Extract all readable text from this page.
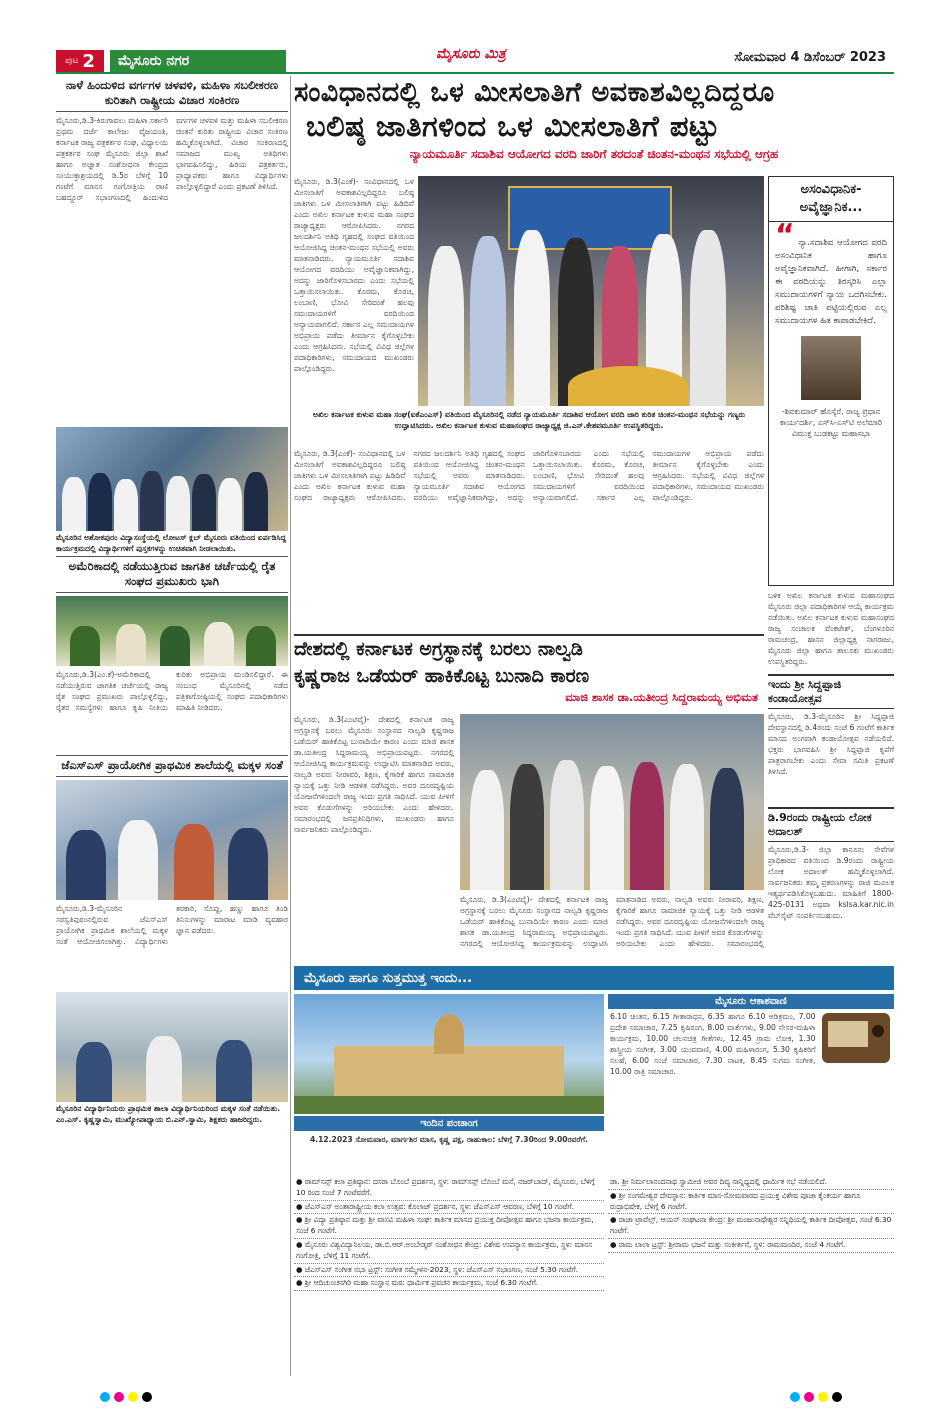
ಪುಟ 2	ಮೈಸೂರು ನಗರ	ಮೈಸೂರು ಮಿತ್ರ	ಸೋಮವಾರ 4 ಡಿಸೆಂಬರ್ 2023
ನಾಳೆ ಹಿಂದುಳಿದ ವರ್ಗಗಳ ಚಳವಳಿ, ಮಹಿಳಾ ಸಬಲೀಕರಣ ಕುರಿತಾಗಿ ರಾಷ್ಟ್ರೀಯ ವಿಚಾರ ಸಂಕಿರಣ
ಮೈಸೂರು,ಡಿ.3-ಕಿರುಗಾವಲು ಮಹಿಳಾ ಸರ್ಕಾರಿ ಪ್ರಥಮ ದರ್ಜೆ ಕಾಲೇಜು ವೈಜಯಂತಿ, ಕರ್ನಾಟಕ ರಾಜ್ಯ ಪತ್ರಕರ್ತರ ಸಂಘ, ವಿಧ್ಯಾಲಯ ಪತ್ರಕರ್ತರ ಸಂಘ ಮೈಸೂರು ಜಿಲ್ಲಾ ಶಾಖೆ ಹಾಗೂ ಅಜ್ಞಾತ ಸಂಶೋಧನಾ ಕೇಂದ್ರದ ಸಂಯುಕ್ತಾಶ್ರಯದಲ್ಲಿ ಡಿ.5ರ ಬೆಳಿಗ್ಗೆ 10 ಗಂಟೆಗೆ ಮಾನಸ ಗಂಗೋತ್ರಿಯ ರಾಣಿ ಬಹದ್ದೂರ್ ಸಭಾಂಗಣದಲ್ಲಿ ಹಿಂದುಳಿದ ವರ್ಗಗಳ ಚಳವಳಿ ಮತ್ತು ಮಹಿಳಾ ಸಬಲೀಕರಣ ಚಿಂತನೆ ಕುರಿತು ರಾಷ್ಟ್ರೀಯ ವಿಚಾರ ಸಂಕಿರಣ ಹಮ್ಮಿಕೊಳ್ಳಲಾಗಿದೆ. ವಿಚಾರ ಸಂಕಿರಣದಲ್ಲಿ ಸಮಾಜದ ಮುಖ್ಯ ಅತಿಥಿಗಳು ಭಾಗವಹಿಸಲಿದ್ದು, ಹಿರಿಯ ಪತ್ರಕರ್ತರು, ಪ್ರಾಧ್ಯಾಪಕರು ಹಾಗೂ ವಿದ್ಯಾರ್ಥಿಗಳು ಪಾಲ್ಗೊಳ್ಳಲಿದ್ದಾರೆ ಎಂದು ಪ್ರಕಟಣೆ ತಿಳಿಸಿದೆ.
ಮೈಸೂರಿನ ಅಶೋಕಪುರಂ ವಿದ್ಯಾಸಂಸ್ಥೆಯಲ್ಲಿ ಲೋಟಸ್ ಕ್ಲಬ್ ಮೈಸೂರು ವತಿಯಿಂದ ಏರ್ಪಡಿಸಿದ್ದ ಕಾರ್ಯಕ್ರಮದಲ್ಲಿ ವಿದ್ಯಾರ್ಥಿಗಳಿಗೆ ಪುಸ್ತಕಗಳನ್ನು ಉಚಿತವಾಗಿ ನೀಡಲಾಯಿತು.
ಅಮೆರಿಕಾದಲ್ಲಿ ನಡೆಯುತ್ತಿರುವ ಜಾಗತಿಕ ಚರ್ಚೆಯಲ್ಲಿ ರೈತ ಸಂಘದ ಪ್ರಮುಖರು ಭಾಗಿ
ಮೈಸೂರು,ಡಿ.3(ಎಂ.ಕೆ)-ಅಮೆರಿಕಾದಲ್ಲಿ ನಡೆಯುತ್ತಿರುವ ಜಾಗತಿಕ ಚರ್ಚೆಯಲ್ಲಿ ರಾಜ್ಯ ರೈತ ಸಂಘದ ಪ್ರಮುಖರು ಪಾಲ್ಗೊಳ್ಳಲಿದ್ದು, ರೈತರ ಸಮಸ್ಯೆಗಳು ಹಾಗೂ ಕೃಷಿ ನೀತಿಯ ಕುರಿತು ಅಭಿಪ್ರಾಯ ಮಂಡಿಸಲಿದ್ದಾರೆ. ಈ ಸಂಬಂಧ ಮೈಸೂರಿನಲ್ಲಿ ನಡೆದ ಪತ್ರಿಕಾಗೋಷ್ಠಿಯಲ್ಲಿ ಸಂಘದ ಪದಾಧಿಕಾರಿಗಳು ಮಾಹಿತಿ ನೀಡಿದರು.
ಜೆಎಸ್‌ಎಸ್ ಪ್ರಾಯೋಗಿಕ ಪ್ರಾಥಮಿಕ ಶಾಲೆಯಲ್ಲಿ ಮಕ್ಕಳ ಸಂತೆ
ಮೈಸೂರು,ಡಿ.3-ಮೈಸೂರಿನ ಸರಸ್ವತಿಪುರಂನಲ್ಲಿರುವ ಜೆಎಸ್‌ಎಸ್ ಪ್ರಾಯೋಗಿಕ ಪ್ರಾಥಮಿಕ ಶಾಲೆಯಲ್ಲಿ ಮಕ್ಕಳ ಸಂತೆ ಆಯೋಜಿಸಲಾಗಿತ್ತು. ವಿದ್ಯಾರ್ಥಿಗಳು ತರಕಾರಿ, ಸೊಪ್ಪು, ಹಣ್ಣು ಹಾಗೂ ತಿಂಡಿ ತಿನಿಸುಗಳನ್ನು ಮಾರಾಟ ಮಾಡಿ ವ್ಯವಹಾರ ಜ್ಞಾನ ಪಡೆದರು.
ಮೈಸೂರಿನ ವಿದ್ಯಾರ್ಥಿನಿಯರು ಪ್ರಾಥಮಿಕ ಶಾಲಾ ವಿದ್ಯಾರ್ಥಿನಿಯರಿಂದ ಮಕ್ಕಳ ಸಂತೆ ನಡೆಯಿತು. ಎಂ.ಎಸ್. ಕೃಷ್ಣಸ್ವಾಮಿ, ಮುಖ್ಯೋಪಾಧ್ಯಾಯ ಬಿ.ಎನ್.ಸ್ವಾಮಿ, ಶಿಕ್ಷಕರು ಹಾಜರಿದ್ದರು.
ಸಂವಿಧಾನದಲ್ಲಿ ಒಳ ಮೀಸಲಾತಿಗೆ ಅವಕಾಶವಿಲ್ಲದಿದ್ದರೂ
ಬಲಿಷ್ಠ ಜಾತಿಗಳಿಂದ ಒಳ ಮೀಸಲಾತಿಗೆ ಪಟ್ಟು
ನ್ಯಾಯಮೂರ್ತಿ ಸದಾಶಿವ ಆಯೋಗದ ವರದಿ ಜಾರಿಗೆ ತರದಂತೆ ಚಿಂತನ-ಮಂಥನ ಸಭೆಯಲ್ಲಿ ಆಗ್ರಹ
ಅಖಿಲ ಕರ್ನಾಟಕ ಕುಳುವ ಮಹಾ ಸಂಘ(ಐಕೆಎಂಎಸ್) ವತಿಯಿಂದ ಮೈಸೂರಿನಲ್ಲಿ ನಡೆದ ನ್ಯಾಯಮೂರ್ತಿ ಸದಾಶಿವ ಆಯೋಗ ವರದಿ ಜಾರಿ ಕುರಿತ ಚಿಂತನ-ಮಂಥನ ಸಭೆಯನ್ನು ಗಣ್ಯರು ಉದ್ಘಾಟಿಸಿದರು. ಅಖಿಲ ಕರ್ನಾಟಕ ಕುಳುವ ಮಹಾಸಂಘದ ರಾಜ್ಯಾಧ್ಯಕ್ಷ ಜಿ.ಎನ್.ಕೇಶವಮೂರ್ತಿ ಉಪಸ್ಥಿತರಿದ್ದರು.
ಮೈಸೂರು, ಡಿ.3(ಎಂಕೆ)- ಸಂವಿಧಾನದಲ್ಲಿ ಒಳ ಮೀಸಲಾತಿಗೆ ಅವಕಾಶವಿಲ್ಲದಿದ್ದರೂ ಬಲಿಷ್ಠ ಜಾತಿಗಳು ಒಳ ಮೀಸಲಾತಿಗಾಗಿ ಪಟ್ಟು ಹಿಡಿದಿವೆ ಎಂದು ಅಖಿಲ ಕರ್ನಾಟಕ ಕುಳುವ ಮಹಾ ಸಂಘದ ರಾಜ್ಯಾಧ್ಯಕ್ಷರು ಆರೋಪಿಸಿದರು. ನಗರದ ಜಲದರ್ಶಿನಿ ಅತಿಥಿ ಗೃಹದಲ್ಲಿ ಸಂಘದ ವತಿಯಿಂದ ಆಯೋಜಿಸಿದ್ದ ಚಿಂತನ-ಮಂಥನ ಸಭೆಯಲ್ಲಿ ಅವರು ಮಾತನಾಡಿದರು. ನ್ಯಾಯಮೂರ್ತಿ ಸದಾಶಿವ ಆಯೋಗದ ವರದಿಯು ಅವೈಜ್ಞಾನಿಕವಾಗಿದ್ದು, ಅದನ್ನು ಜಾರಿಗೊಳಿಸಬಾರದು ಎಂದು ಸಭೆಯಲ್ಲಿ ಒತ್ತಾಯಿಸಲಾಯಿತು. ಕೊರಮ, ಕೊರಚ, ಲಂಬಾಣಿ, ಭೋವಿ ಸೇರಿದಂತೆ ಹಲವು ಸಮುದಾಯಗಳಿಗೆ ವರದಿಯಿಂದ ಅನ್ಯಾಯವಾಗಲಿದೆ. ಸರ್ಕಾರ ಎಲ್ಲ ಸಮುದಾಯಗಳ ಅಭಿಪ್ರಾಯ ಪಡೆದು ತೀರ್ಮಾನ ಕೈಗೊಳ್ಳಬೇಕು ಎಂದು ಆಗ್ರಹಿಸಿದರು. ಸಭೆಯಲ್ಲಿ ವಿವಿಧ ಜಿಲ್ಲೆಗಳ ಪದಾಧಿಕಾರಿಗಳು, ಸಮುದಾಯದ ಮುಖಂಡರು ಪಾಲ್ಗೊಂಡಿದ್ದರು.
ಮೈಸೂರು, ಡಿ.3(ಎಂಕೆ)- ಸಂವಿಧಾನದಲ್ಲಿ ಒಳ ಮೀಸಲಾತಿಗೆ ಅವಕಾಶವಿಲ್ಲದಿದ್ದರೂ ಬಲಿಷ್ಠ ಜಾತಿಗಳು ಒಳ ಮೀಸಲಾತಿಗಾಗಿ ಪಟ್ಟು ಹಿಡಿದಿವೆ ಎಂದು ಅಖಿಲ ಕರ್ನಾಟಕ ಕುಳುವ ಮಹಾ ಸಂಘದ ರಾಜ್ಯಾಧ್ಯಕ್ಷರು ಆರೋಪಿಸಿದರು. ನಗರದ ಜಲದರ್ಶಿನಿ ಅತಿಥಿ ಗೃಹದಲ್ಲಿ ಸಂಘದ ವತಿಯಿಂದ ಆಯೋಜಿಸಿದ್ದ ಚಿಂತನ-ಮಂಥನ ಸಭೆಯಲ್ಲಿ ಅವರು ಮಾತನಾಡಿದರು. ನ್ಯಾಯಮೂರ್ತಿ ಸದಾಶಿವ ಆಯೋಗದ ವರದಿಯು ಅವೈಜ್ಞಾನಿಕವಾಗಿದ್ದು, ಅದನ್ನು ಜಾರಿಗೊಳಿಸಬಾರದು ಎಂದು ಸಭೆಯಲ್ಲಿ ಒತ್ತಾಯಿಸಲಾಯಿತು. ಕೊರಮ, ಕೊರಚ, ಲಂಬಾಣಿ, ಭೋವಿ ಸೇರಿದಂತೆ ಹಲವು ಸಮುದಾಯಗಳಿಗೆ ವರದಿಯಿಂದ ಅನ್ಯಾಯವಾಗಲಿದೆ. ಸರ್ಕಾರ ಎಲ್ಲ ಸಮುದಾಯಗಳ ಅಭಿಪ್ರಾಯ ಪಡೆದು ತೀರ್ಮಾನ ಕೈಗೊಳ್ಳಬೇಕು ಎಂದು ಆಗ್ರಹಿಸಿದರು. ಸಭೆಯಲ್ಲಿ ವಿವಿಧ ಜಿಲ್ಲೆಗಳ ಪದಾಧಿಕಾರಿಗಳು, ಸಮುದಾಯದ ಮುಖಂಡರು ಪಾಲ್ಗೊಂಡಿದ್ದರು.
ಅಸಂವಿಧಾನಿಕ-ಅವೈಜ್ಞಾನಿಕ...
“ ನ್ಯಾ.ಸದಾಶಿವ ಆಯೋಗದ ವರದಿ ಅಸಂವಿಧಾನಿಕ ಹಾಗೂ ಅವೈಜ್ಞಾನಿಕವಾಗಿದೆ. ಹೀಗಾಗಿ, ಸರ್ಕಾರ ಈ ವರದಿಯನ್ನು ತಿರಸ್ಕರಿಸಿ ಎಲ್ಲಾ ಸಮುದಾಯಗಳಿಗೆ ನ್ಯಾಯ ಒದಗಿಸಬೇಕು. ಪರಿಶಿಷ್ಟ ಜಾತಿ ಪಟ್ಟಿಯಲ್ಲಿರುವ ಎಲ್ಲ ಸಮುದಾಯಗಳ ಹಿತ ಕಾಪಾಡಬೇಕಿದೆ.
-ಶಿವಕುಮಾರ್ ಹೊಸ್ಕೆರೆ, ರಾಜ್ಯ ಪ್ರಧಾನ ಕಾರ್ಯದರ್ಶಿ, ಎಸ್‌ಸಿ-ಎಸ್‌ಟಿ ಅಲೆಮಾರಿ ವಿಮುಕ್ತ ಬುಡಕಟ್ಟು ಮಹಾಸಭಾ
ಬಳಿಕ ಅಖಿಲ ಕರ್ನಾಟಕ ಕುಳುವ ಮಹಾಸಂಘದ ಮೈಸೂರು ಜಿಲ್ಲಾ ಪದಾಧಿಕಾರಿಗಳ ಆಯ್ಕೆ ಕಾರ್ಯಕ್ರಮ ನಡೆಯಿತು. ಅಖಿಲ ಕರ್ನಾಟಕ ಕುಳುವ ಮಹಾಸಂಘದ ರಾಜ್ಯ ಸಂಚಾಲಕ ವೆಂಕಟೇಶ್, ಬೆಂಗಳೂರಿನ ರಾಮಚಂದ್ರ, ಹಾಸನ ಜಿಲ್ಲಾಧ್ಯಕ್ಷ ನಾಗರಾಜು, ಮೈಸೂರು ಜಿಲ್ಲಾ ಹಾಗೂ ತಾಲೂಕು ಮುಖಂಡರು ಉಪಸ್ಥಿತರಿದ್ದರು.
ದೇಶದಲ್ಲಿ ಕರ್ನಾಟಕ ಅಗ್ರಸ್ಥಾನಕ್ಕೆ ಬರಲು ನಾಲ್ವಡಿ
ಕೃಷ್ಣರಾಜ ಒಡೆಯರ್ ಹಾಕಿಕೊಟ್ಟ ಬುನಾದಿ ಕಾರಣ
ಮಾಜಿ ಶಾಸಕ ಡಾ.ಯತೀಂದ್ರ ಸಿದ್ದರಾಮಯ್ಯ ಅಭಿಮತ
ಮೈಸೂರು, ಡಿ.3(ಎಂಟಿವೈ)- ದೇಶದಲ್ಲಿ ಕರ್ನಾಟಕ ರಾಜ್ಯ ಅಗ್ರಸ್ಥಾನಕ್ಕೆ ಬರಲು ಮೈಸೂರು ಸಂಸ್ಥಾನದ ನಾಲ್ವಡಿ ಕೃಷ್ಣರಾಜ ಒಡೆಯರ್ ಹಾಕಿಕೊಟ್ಟ ಬುನಾದಿಯೇ ಕಾರಣ ಎಂದು ಮಾಜಿ ಶಾಸಕ ಡಾ.ಯತೀಂದ್ರ ಸಿದ್ದರಾಮಯ್ಯ ಅಭಿಪ್ರಾಯಪಟ್ಟರು. ನಗರದಲ್ಲಿ ಆಯೋಜಿಸಿದ್ದ ಕಾರ್ಯಕ್ರಮವನ್ನು ಉದ್ಘಾಟಿಸಿ ಮಾತನಾಡಿದ ಅವರು, ನಾಲ್ವಡಿ ಅವರು ನೀರಾವರಿ, ಶಿಕ್ಷಣ, ಕೈಗಾರಿಕೆ ಹಾಗೂ ಸಾಮಾಜಿಕ ನ್ಯಾಯಕ್ಕೆ ಒತ್ತು ನೀಡಿ ಆಡಳಿತ ನಡೆಸಿದ್ದರು. ಅವರ ದೂರದೃಷ್ಟಿಯ ಯೋಜನೆಗಳಿಂದಲೇ ರಾಜ್ಯ ಇಂದು ಪ್ರಗತಿ ಸಾಧಿಸಿದೆ. ಯುವ ಪೀಳಿಗೆ ಅವರ ಕೊಡುಗೆಗಳನ್ನು ಅರಿಯಬೇಕು ಎಂದು ಹೇಳಿದರು. ಸಮಾರಂಭದಲ್ಲಿ ಜನಪ್ರತಿನಿಧಿಗಳು, ಮುಖಂಡರು ಹಾಗೂ ಸಾರ್ವಜನಿಕರು ಪಾಲ್ಗೊಂಡಿದ್ದರು.
ಮೈಸೂರು, ಡಿ.3(ಎಂಟಿವೈ)- ದೇಶದಲ್ಲಿ ಕರ್ನಾಟಕ ರಾಜ್ಯ ಅಗ್ರಸ್ಥಾನಕ್ಕೆ ಬರಲು ಮೈಸೂರು ಸಂಸ್ಥಾನದ ನಾಲ್ವಡಿ ಕೃಷ್ಣರಾಜ ಒಡೆಯರ್ ಹಾಕಿಕೊಟ್ಟ ಬುನಾದಿಯೇ ಕಾರಣ ಎಂದು ಮಾಜಿ ಶಾಸಕ ಡಾ.ಯತೀಂದ್ರ ಸಿದ್ದರಾಮಯ್ಯ ಅಭಿಪ್ರಾಯಪಟ್ಟರು. ನಗರದಲ್ಲಿ ಆಯೋಜಿಸಿದ್ದ ಕಾರ್ಯಕ್ರಮವನ್ನು ಉದ್ಘಾಟಿಸಿ ಮಾತನಾಡಿದ ಅವರು, ನಾಲ್ವಡಿ ಅವರು ನೀರಾವರಿ, ಶಿಕ್ಷಣ, ಕೈಗಾರಿಕೆ ಹಾಗೂ ಸಾಮಾಜಿಕ ನ್ಯಾಯಕ್ಕೆ ಒತ್ತು ನೀಡಿ ಆಡಳಿತ ನಡೆಸಿದ್ದರು. ಅವರ ದೂರದೃಷ್ಟಿಯ ಯೋಜನೆಗಳಿಂದಲೇ ರಾಜ್ಯ ಇಂದು ಪ್ರಗತಿ ಸಾಧಿಸಿದೆ. ಯುವ ಪೀಳಿಗೆ ಅವರ ಕೊಡುಗೆಗಳನ್ನು ಅರಿಯಬೇಕು ಎಂದು ಹೇಳಿದರು. ಸಮಾರಂಭದಲ್ಲಿ
ಇಂದು ಶ್ರೀ ಸಿದ್ದಪ್ಪಾಜಿ ಕಂಡಾಯೋತ್ಸವ
ಮೈಸೂರು, ಡಿ.3-ಮೈಸೂರಿನ ಶ್ರೀ ಸಿದ್ದಪ್ಪಾಜಿ ದೇವಸ್ಥಾನದಲ್ಲಿ ಡಿ.4ರಂದು ಸಂಜೆ 6 ಗಂಟೆಗೆ ಕಾರ್ತಿಕ ಮಾಸದ ಅಂಗವಾಗಿ ಕಂಡಾಯೋತ್ಸವ ನಡೆಯಲಿದೆ. ಭಕ್ತರು ಭಾಗವಹಿಸಿ ಶ್ರೀ ಸಿದ್ದಪ್ಪಾಜಿ ಕೃಪೆಗೆ ಪಾತ್ರರಾಗಬೇಕು ಎಂದು ಸೇವಾ ಸಮಿತಿ ಪ್ರಕಟಣೆ ತಿಳಿಸಿದೆ.
ಡಿ.9ರಂದು ರಾಷ್ಟ್ರೀಯ ಲೋಕ ಅದಾಲತ್
ಮೈಸೂರು,ಡಿ.3- ಜಿಲ್ಲಾ ಕಾನೂನು ಸೇವೆಗಳ ಪ್ರಾಧಿಕಾರದ ವತಿಯಿಂದ ಡಿ.9ರಂದು ರಾಷ್ಟ್ರೀಯ ಲೋಕ ಅದಾಲತ್ ಹಮ್ಮಿಕೊಳ್ಳಲಾಗಿದೆ. ಸಾರ್ವಜನಿಕರು ತಮ್ಮ ಪ್ರಕರಣಗಳನ್ನು ರಾಜಿ ಮೂಲಕ ಇತ್ಯರ್ಥಪಡಿಸಿಕೊಳ್ಳಬಹುದು. ಮಾಹಿತಿಗೆ 1800-425-0131 ಅಥವಾ kslsa.kar.nic.in ವೆಬ್‌ಸೈಟ್ ಸಂಪರ್ಕಿಸಬಹುದು.
ಮೈಸೂರು ಹಾಗೂ ಸುತ್ತಮುತ್ತ ಇಂದು...
ಇಂದಿನ ಪಂಚಾಂಗ
4.12.2023 ಸೋಮವಾರ, ಮಾರ್ಗಶಿರ ಮಾಸ, ಕೃಷ್ಣ ಪಕ್ಷ, ರಾಹುಕಾಲ: ಬೆಳಿಗ್ಗೆ 7.30ರಿಂದ 9.00ರವರೆಗೆ.
ಮೈಸೂರು ಆಕಾಶವಾಣಿ
6.10 ಚಿಂತನ, 6.15 ಗೀತಾರಾಧನ, 6.35 ಹಾಗೂ 6.10 ಆಡಿಕ್ರಮಂ, 7.00 ಪ್ರದೇಶ ಸಮಾಚಾರ, 7.25 ಕೃಷಿರಂಗ, 8.00 ವಾರ್ತೆಗಳು, 9.00 ನೇಸರ-ಮಹಿಳಾ ಕಾರ್ಯಕ್ರಮ, 10.00 ಚಲನಚಿತ್ರ ಗೀತೆಗಳು, 12.45 ಗ್ರಾಮ ಲೋಕ, 1.30 ಶಾಸ್ತ್ರೀಯ ಸಂಗೀತ, 3.00 ಯುವವಾಣಿ, 4.00 ಮಹಿಳಾರಂಗ, 5.30 ಕೃಷಿಕರಿಗೆ ಸಲಹೆ, 6.00 ಸಂಜೆ ಸಮಾಚಾರ, 7.30 ನಾಟಕ, 8.45 ಸುಗಮ ಸಂಗೀತ, 10.00 ರಾತ್ರಿ ಸಮಾಚಾರ.
● ರಾಮ್‌ಸನ್ಸ್ ಕಲಾ ಪ್ರತಿಷ್ಠಾನ: ದಸರಾ ಬೊಂಬೆ ಪ್ರದರ್ಶನ, ಸ್ಥಳ: ರಾಮ್‌ಸನ್ಸ್ ಬೊಂಬೆ ಮನೆ, ನಜರ್‌ಬಾದ್, ಮೈಸೂರು, ಬೆಳಿಗ್ಗೆ 10 ರಿಂದ ಸಂಜೆ 7 ಗಂಟೆವರೆಗೆ.
● ಜೆಎಸ್‌ಎಸ್ ಅಂತಾರಾಷ್ಟ್ರೀಯ ಕಲಾ ಉತ್ಸವ: ಕೊಲಾಜ್ ಪ್ರದರ್ಶನ, ಸ್ಥಳ: ಜೆಎಸ್‌ಎಸ್ ಆವರಣ, ಬೆಳಿಗ್ಗೆ 10 ಗಂಟೆಗೆ.
● ಶ್ರೀ ವಿದ್ಯಾ ಪ್ರತಿಷ್ಠಾನ ಮತ್ತು ಶ್ರೀ ವಾಸವಿ ಮಹಿಳಾ ಸಂಘ: ಕಾರ್ತಿಕ ಮಾಸದ ಪ್ರಯುಕ್ತ ದೀಪೋತ್ಸವ ಹಾಗೂ ಭಜನಾ ಕಾರ್ಯಕ್ರಮ, ಸಂಜೆ 6 ಗಂಟೆಗೆ.
● ಮೈಸೂರು ವಿಶ್ವವಿದ್ಯಾನಿಲಯ, ಡಾ.ಬಿ.ಆರ್.ಅಂಬೇಡ್ಕರ್ ಸಂಶೋಧನ ಕೇಂದ್ರ: ವಿಶೇಷ ಉಪನ್ಯಾಸ ಕಾರ್ಯಕ್ರಮ, ಸ್ಥಳ: ಮಾನಸ ಗಂಗೋತ್ರಿ, ಬೆಳಿಗ್ಗೆ 11 ಗಂಟೆಗೆ.
● ಜೆಎಸ್‌ಎಸ್ ಸಂಗೀತ ಸಭಾ ಟ್ರಸ್ಟ್: ಸಂಗೀತ ಸಮ್ಮೇಳನ-2023, ಸ್ಥಳ: ಜೆಎಸ್‌ಎಸ್ ಸಭಾಂಗಣ, ಸಂಜೆ 5.30 ಗಂಟೆಗೆ.
● ಶ್ರೀ ಆದಿಚುಂಚನಗಿರಿ ಮಹಾ ಸಂಸ್ಥಾನ ಮಠ: ಧಾರ್ಮಿಕ ಪ್ರವಚನ ಕಾರ್ಯಕ್ರಮ, ಸಂಜೆ 6.30 ಗಂಟೆಗೆ.
ಡಾ. ಶ್ರೀ ನಿರ್ಮಲಾನಂದನಾಥ ಸ್ವಾಮೀಜಿ ಅವರ ದಿವ್ಯ ಸಾನ್ನಿಧ್ಯದಲ್ಲಿ ಧಾರ್ಮಿಕ ಸಭೆ ನಡೆಯಲಿದೆ.
● ಶ್ರೀ ಸಂಗಮೇಶ್ವರ ದೇವಸ್ಥಾನ: ಕಾರ್ತಿಕ ಮಾಸ-ಸೋಮವಾರದ ಪ್ರಯುಕ್ತ ವಿಶೇಷ ಪೂಜಾ ಕೈಂಕರ್ಯ ಹಾಗೂ ರುದ್ರಾಭಿಷೇಕ, ಬೆಳಿಗ್ಗೆ 6 ಗಂಟೆಗೆ.
● ರಾಜಾ ಟ್ರಾವೆಲ್ಸ್, ಆಯನ್ ಸಂಘಟನಾ ಕೇಂದ್ರ: ಶ್ರೀ ಮಂಜುನಾಥೇಶ್ವರ ಸನ್ನಿಧಿಯಲ್ಲಿ ಕಾರ್ತಿಕ ದೀಪೋತ್ಸವ, ಸಂಜೆ 6.30 ಗಂಟೆಗೆ.
● ರಾಮ ಲಾಲಾ ಟ್ರಸ್ಟ್: ಶ್ರೀರಾಮ ಭಜನೆ ಮತ್ತು ಸಂಕೀರ್ತನೆ, ಸ್ಥಳ: ರಾಮಮಂದಿರ, ಸಂಜೆ 4 ಗಂಟೆಗೆ.
